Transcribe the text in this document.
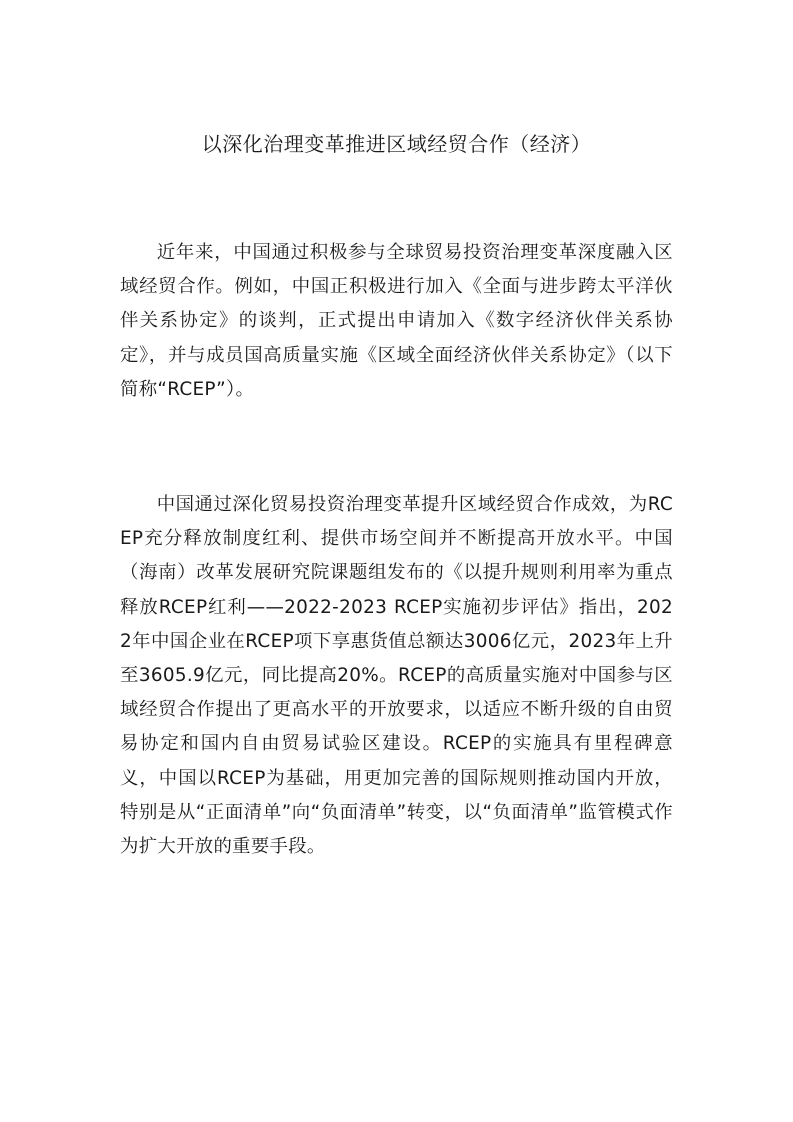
以深化治理变革推进区域经贸合作（经济）

近年来，中国通过积极参与全球贸易投资治理变革深度融入区域经贸合作。例如，中国正积极进行加入《全面与进步跨太平洋伙伴关系协定》的谈判，正式提出申请加入《数字经济伙伴关系协定》，并与成员国高质量实施《区域全面经济伙伴关系协定》（以下简称“RCEP”）。

中国通过深化贸易投资治理变革提升区域经贸合作成效，为RCEP充分释放制度红利、提供市场空间并不断提高开放水平。中国（海南）改革发展研究院课题组发布的《以提升规则利用率为重点释放RCEP红利——2022-2023 RCEP实施初步评估》指出，2022年中国企业在RCEP项下享惠货值总额达3006亿元，2023年上升至3605.9亿元，同比提高20%。RCEP的高质量实施对中国参与区域经贸合作提出了更高水平的开放要求，以适应不断升级的自由贸易协定和国内自由贸易试验区建设。RCEP的实施具有里程碑意义，中国以RCEP为基础，用更加完善的国际规则推动国内开放，特别是从“正面清单”向“负面清单”转变，以“负面清单”监管模式作为扩大开放的重要手段。
